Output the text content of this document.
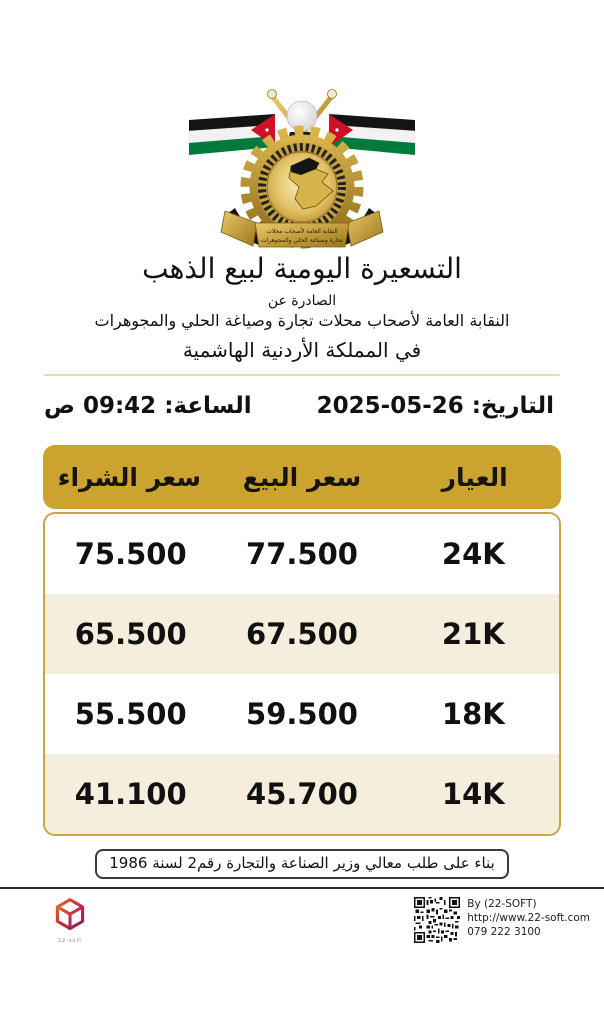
النقابة العامة لأصحاب محلات
تجارة وصياغة الحلي والمجوهرات
التسعيرة اليومية لبيع الذهب
الصادرة عن
النقابة العامة لأصحاب محلات تجارة وصياغة الحلي والمجوهرات
في المملكة الأردنية الهاشمية
التاريخ: 26-05-2025
الساعة: 09:42 ص
العيار
سعر البيع
سعر الشراء
24K
77.500
75.500
21K
67.500
65.500
18K
59.500
55.500
14K
45.700
41.100
بناء على طلب معالي وزير الصناعة والتجارة رقم2 لسنة 1986
22-soft
By (22-SOFT)
http://www.22-soft.com
079 222 3100
